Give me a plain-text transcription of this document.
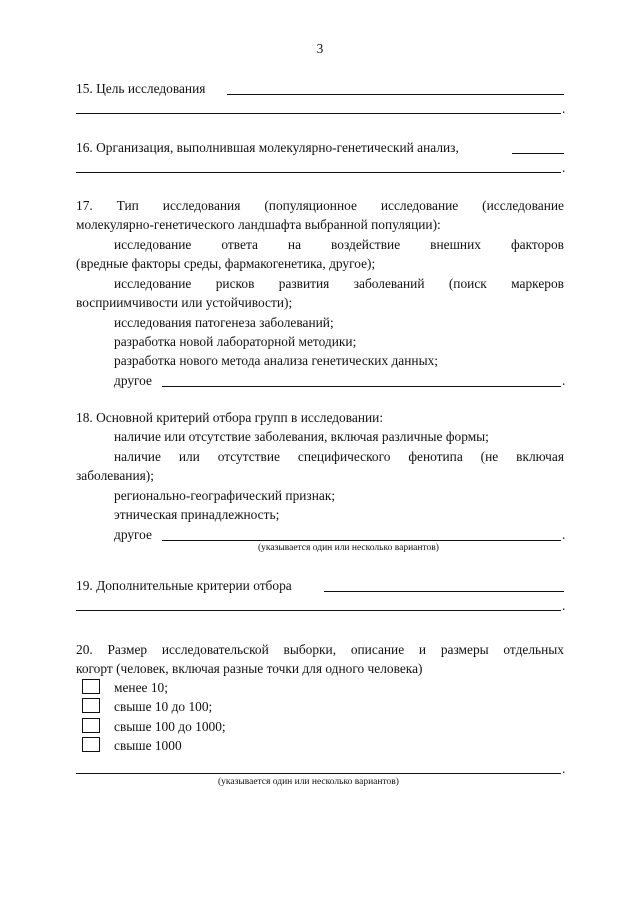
3
15. Цель исследования
.
16. Организация, выполнившая молекулярно-генетический анализ,
.
17. Тип исследования (популяционное исследование (исследование
молекулярно-генетического ландшафта выбранной популяции):
исследование ответа на воздействие внешних факторов
(вредные факторы среды, фармакогенетика, другое);
исследование рисков развития заболеваний (поиск маркеров
восприимчивости или устойчивости);
исследования патогенеза заболеваний;
разработка новой лабораторной методики;
разработка нового метода анализа генетических данных;
другое	.
18. Основной критерий отбора групп в исследовании:
наличие или отсутствие заболевания, включая различные формы;
наличие или отсутствие специфического фенотипа (не включая
заболевания);
регионально-географический признак;
этническая принадлежность;
другое	.
(указывается один или несколько вариантов)
19. Дополнительные критерии отбора
.
20. Размер исследовательской выборки, описание и размеры отдельных
когорт (человек, включая разные точки для одного человека)
менее 10;
свыше 10 до 100;
свыше 100 до 1000;
свыше 1000
.
(указывается один или несколько вариантов)
